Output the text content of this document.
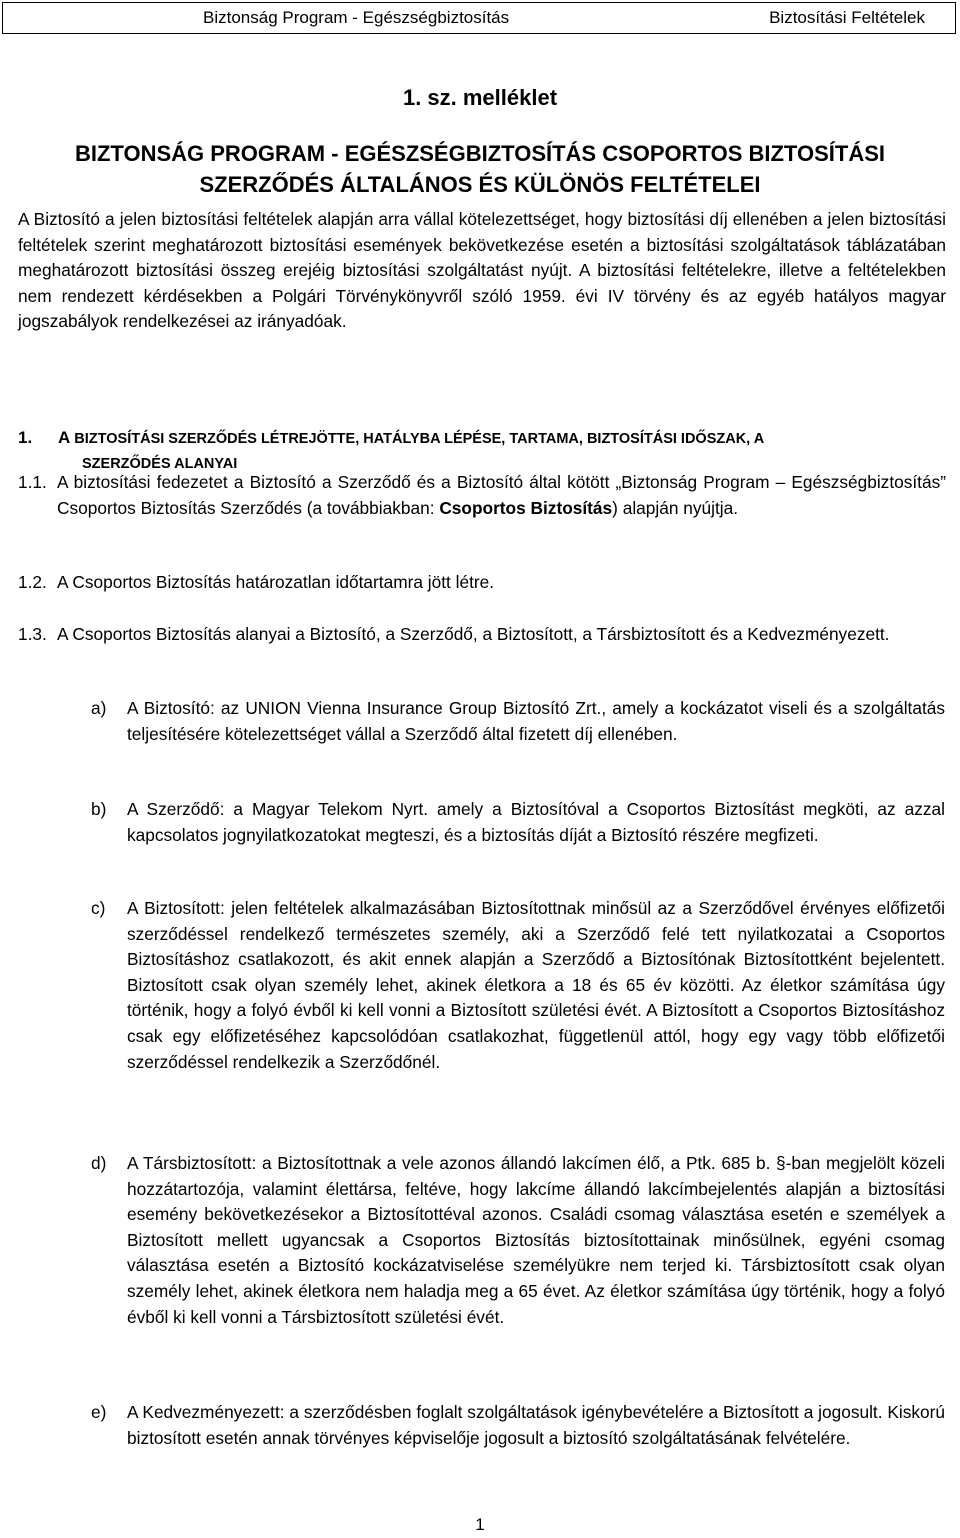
Biztonság Program - Egészségbiztosítás	Biztosítási Feltételek
1. sz. melléklet
BIZTONSÁG PROGRAM - EGÉSZSÉGBIZTOSÍTÁS CSOPORTOS BIZTOSÍTÁSI
SZERZŐDÉS ÁLTALÁNOS ÉS KÜLÖNÖS FELTÉTELEI

A Biztosító a jelen biztosítási feltételek alapján arra vállal kötelezettséget, hogy biztosítási díj ellenében a jelen biztosítási feltételek szerint meghatározott biztosítási események bekövetkezése esetén a biztosítási szolgáltatások táblázatában meghatározott biztosítási összeg erejéig biztosítási szolgáltatást nyújt. A biztosítási feltételekre, illetve a feltételekben nem rendezett kérdésekben a Polgári Törvénykönyvről szóló 1959. évi IV törvény és az egyéb hatályos magyar jogszabályok rendelkezései az irányadóak.

1. A BIZTOSÍTÁSI SZERZŐDÉS LÉTREJÖTTE, HATÁLYBA LÉPÉSE, TARTAMA, BIZTOSÍTÁSI IDŐSZAK, A
SZERZŐDÉS ALANYAI
1.1. A biztosítási fedezetet a Biztosító a Szerződő és a Biztosító által kötött „Biztonság Program – Egészségbiztosítás” Csoportos Biztosítás Szerződés (a továbbiakban: Csoportos Biztosítás) alapján nyújtja.

1.2. A Csoportos Biztosítás határozatlan időtartamra jött létre.

1.3. A Csoportos Biztosítás alanyai a Biztosító, a Szerződő, a Biztosított, a Társbiztosított és a Kedvezményezett.

a) A Biztosító: az UNION Vienna Insurance Group Biztosító Zrt., amely a kockázatot viseli és a szolgáltatás teljesítésére kötelezettséget vállal a Szerződő által fizetett díj ellenében.

b) A Szerződő: a Magyar Telekom Nyrt. amely a Biztosítóval a Csoportos Biztosítást megköti, az azzal kapcsolatos jognyilatkozatokat megteszi, és a biztosítás díját a Biztosító részére megfizeti.

c) A Biztosított: jelen feltételek alkalmazásában Biztosítottnak minősül az a Szerződővel érvényes előfizetői szerződéssel rendelkező természetes személy, aki a Szerződő felé tett nyilatkozatai a Csoportos Biztosításhoz csatlakozott, és akit ennek alapján a Szerződő a Biztosítónak Biztosítottként bejelentett. Biztosított csak olyan személy lehet, akinek életkora a 18 és 65 év közötti. Az életkor számítása úgy történik, hogy a folyó évből ki kell vonni a Biztosított születési évét. A Biztosított a Csoportos Biztosításhoz csak egy előfizetéséhez kapcsolódóan csatlakozhat, függetlenül attól, hogy egy vagy több előfizetői szerződéssel rendelkezik a Szerződőnél.

d) A Társbiztosított: a Biztosítottnak a vele azonos állandó lakcímen élő, a Ptk. 685 b. §-ban megjelölt közeli hozzátartozója, valamint élettársa, feltéve, hogy lakcíme állandó lakcímbejelentés alapján a biztosítási esemény bekövetkezésekor a Biztosítottéval azonos. Családi csomag választása esetén e személyek a Biztosított mellett ugyancsak a Csoportos Biztosítás biztosítottainak minősülnek, egyéni csomag választása esetén a Biztosító kockázatviselése személyükre nem terjed ki. Társbiztosított csak olyan személy lehet, akinek életkora nem haladja meg a 65 évet. Az életkor számítása úgy történik, hogy a folyó évből ki kell vonni a Társbiztosított születési évét.

e) A Kedvezményezett: a szerződésben foglalt szolgáltatások igénybevételére a Biztosított a jogosult. Kiskorú biztosított esetén annak törvényes képviselője jogosult a biztosító szolgáltatásának felvételére.

1
